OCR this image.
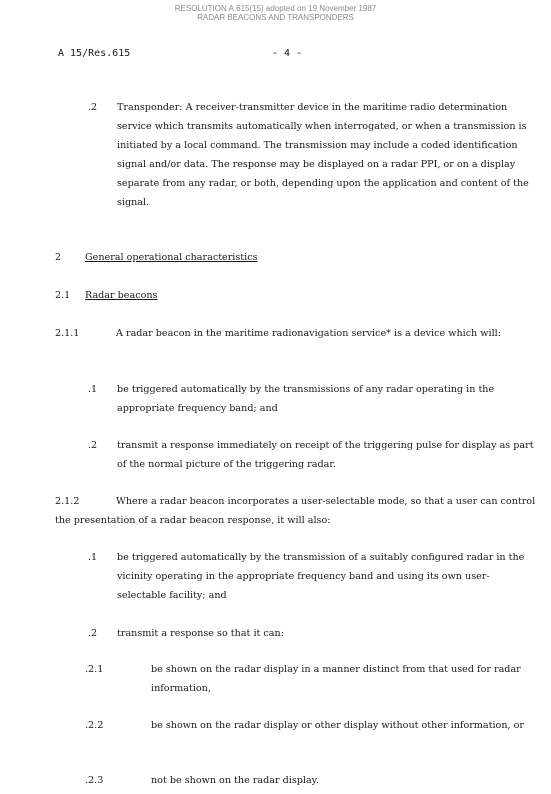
RESOLUTION A.615(15) adopted on 19 November 1987
RADAR BEACONS AND TRANSPONDERS
A 15/Res.615	- 4 -
.2 Transponder: A receiver-transmitter device in the maritime radio determination service which transmits automatically when interrogated, or when a transmission is initiated by a local command. The transmission may include a coded identification signal and/or data. The response may be displayed on a radar PPI, or on a display separate from any radar, or both, depending upon the application and content of the signal.

2 General operational characteristics
2.1 Radar beacons
2.1.1	A radar beacon in the maritime radionavigation service* is a device which will:

.1 be triggered automatically by the transmissions of any radar operating in the appropriate frequency band; and

.2 transmit a response immediately on receipt of the triggering pulse for display as part of the normal picture of the triggering radar.

2.1.2	Where a radar beacon incorporates a user-selectable mode, so that a user can control the presentation of a radar beacon response, it will also:

.1 be triggered automatically by the transmission of a suitably configured radar in the vicinity operating in the appropriate frequency band and using its own user-selectable facility; and

.2 transmit a response so that it can:

.2.1	be shown on the radar display in a manner distinct from that used for radar information,

.2.2	be shown on the radar display or other display without other information, or

.2.3	not be shown on the radar display.
